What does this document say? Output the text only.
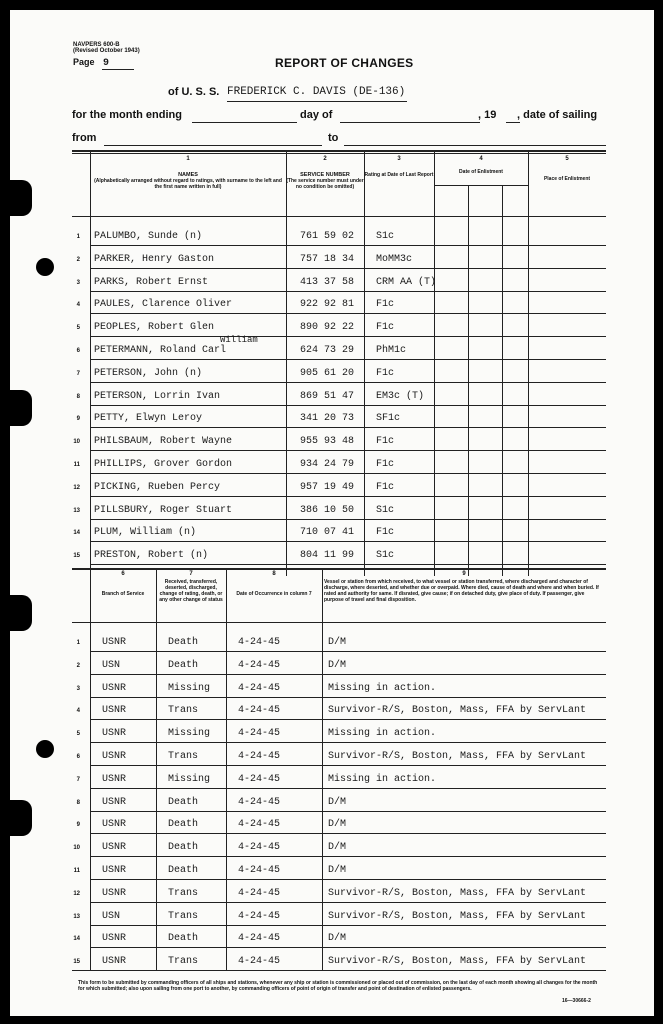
NAVPERS 600-B
(Revised October 1943)
Page 9	REPORT OF CHANGES
of U. S. S. FREDERICK C. DAVIS (DE-136)
for the month ending	day of	, 19 , date of sailing
from	to
1
NAMES
(Alphabetically arranged without regard to ratings, with surname to the left and the first name written in full)
2
SERVICE NUMBER
(The service number must under no condition be omitted)
3
Rating at Date of Last Report
4
Date of Enlistment
5
Place of Enlistment
1 PALUMBO, Sunde (n)	761 59 02 S1c
2 PARKER, Henry Gaston	757 18 34 MoMM3c
3 PARKS, Robert Ernst	413 37 58 CRM AA (T)
4 PAULES, Clarence Oliver	922 92 81 F1c
5 PEOPLES, Robert Glen	890 92 22 F1c
6 PETERMANN, Roland Carl	624 73 29 PhM1c
William
7 PETERSON, John (n)	905 61 20 F1c
8 PETERSON, Lorrin Ivan	869 51 47 EM3c (T)
9 PETTY, Elwyn Leroy	341 20 73 SF1c
10 PHILSBAUM, Robert Wayne	955 93 48 F1c
11 PHILLIPS, Grover Gordon	934 24 79 F1c
12 PICKING, Rueben Percy	957 19 49 F1c
13 PILLSBURY, Roger Stuart	386 10 50 S1c
14 PLUM, William (n)	710 07 41 F1c
15 PRESTON, Robert (n)	804 11 99 S1c
6
Branch of Service
7
Received, transferred, deserted, discharged, change of rating, death, or any other change of status
8
Date of Occurrence in column 7
9
Vessel or station from which received, to what vessel or station transferred, where discharged and character of discharge, where deserted, and whether due or overpaid. Where died, cause of death and where and when buried. If rated and authority for same. If disrated, give cause; if on detached duty, give place of duty. If passenger, give purpose of travel and final disposition.
1 USNR	Death	4-24-45	D/M
2 USN	Death	4-24-45	D/M
3 USNR	Missing	4-24-45	Missing in action.
4 USNR	Trans	4-24-45	Survivor-R/S, Boston, Mass, FFA by ServLant
5 USNR	Missing	4-24-45	Missing in action.
6 USNR	Trans	4-24-45	Survivor-R/S, Boston, Mass, FFA by ServLant
7 USNR	Missing	4-24-45	Missing in action.
8 USNR	Death	4-24-45	D/M
9 USNR	Death	4-24-45	D/M
10 USNR	Death	4-24-45	D/M
11 USNR	Death	4-24-45	D/M
12 USNR	Trans	4-24-45	Survivor-R/S, Boston, Mass, FFA by ServLant
13 USN	Trans	4-24-45	Survivor-R/S, Boston, Mass, FFA by ServLant
14 USNR	Death	4-24-45	D/M
15 USNR	Trans	4-24-45	Survivor-R/S, Boston, Mass, FFA by ServLant
This form to be submitted by commanding officers of all ships and stations, whenever any ship or station is commissioned or placed out of commission, on the last day of each month showing all changes for the month for which submitted; also upon sailing from one port to another, by commanding officers of point of origin of transfer and point of destination of enlisted passengers.
16—30666-2
